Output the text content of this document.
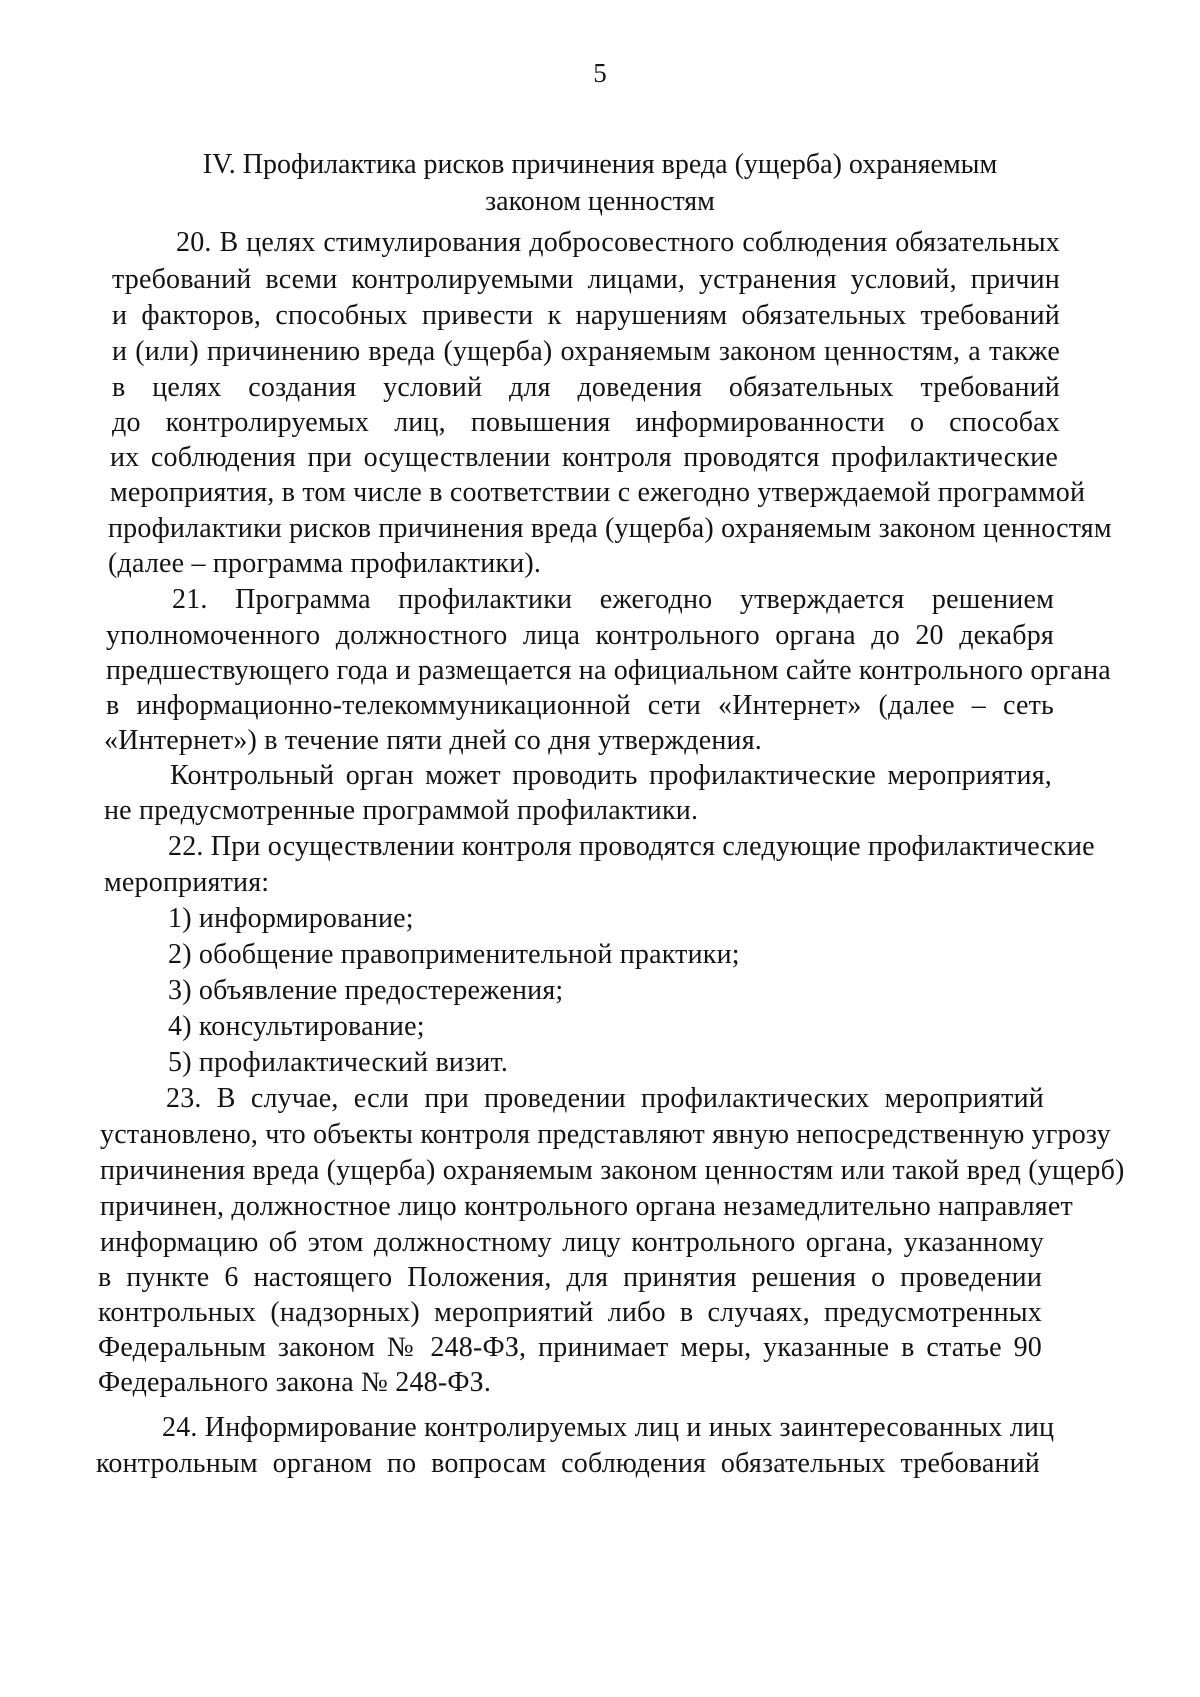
5
IV. Профилактика рисков причинения вреда (ущерба) охраняемым
законом ценностям
20. В целях стимулирования добросовестного соблюдения обязательных
требований всеми контролируемыми лицами, устранения условий, причин
и факторов, способных привести к нарушениям обязательных требований
и (или) причинению вреда (ущерба) охраняемым законом ценностям, а также
в целях создания условий для доведения обязательных требований
до контролируемых лиц, повышения информированности о способах
их соблюдения при осуществлении контроля проводятся профилактические
мероприятия, в том числе в соответствии с ежегодно утверждаемой программой
профилактики рисков причинения вреда (ущерба) охраняемым законом ценностям
(далее – программа профилактики).
21. Программа профилактики ежегодно утверждается решением
уполномоченного должностного лица контрольного органа до 20 декабря
предшествующего года и размещается на официальном сайте контрольного органа
в информационно-телекоммуникационной сети «Интернет» (далее – сеть
«Интернет») в течение пяти дней со дня утверждения.
Контрольный орган может проводить профилактические мероприятия,
не предусмотренные программой профилактики.
22. При осуществлении контроля проводятся следующие профилактические
мероприятия:
1) информирование;
2) обобщение правоприменительной практики;
3) объявление предостережения;
4) консультирование;
5) профилактический визит.
23. В случае, если при проведении профилактических мероприятий
установлено, что объекты контроля представляют явную непосредственную угрозу
причинения вреда (ущерба) охраняемым законом ценностям или такой вред (ущерб)
причинен, должностное лицо контрольного органа незамедлительно направляет
информацию об этом должностному лицу контрольного органа, указанному
в пункте 6 настоящего Положения, для принятия решения о проведении
контрольных (надзорных) мероприятий либо в случаях, предусмотренных
Федеральным законом № 248-ФЗ, принимает меры, указанные в статье 90
Федерального закона № 248-ФЗ.
24. Информирование контролируемых лиц и иных заинтересованных лиц
контрольным органом по вопросам соблюдения обязательных требований
